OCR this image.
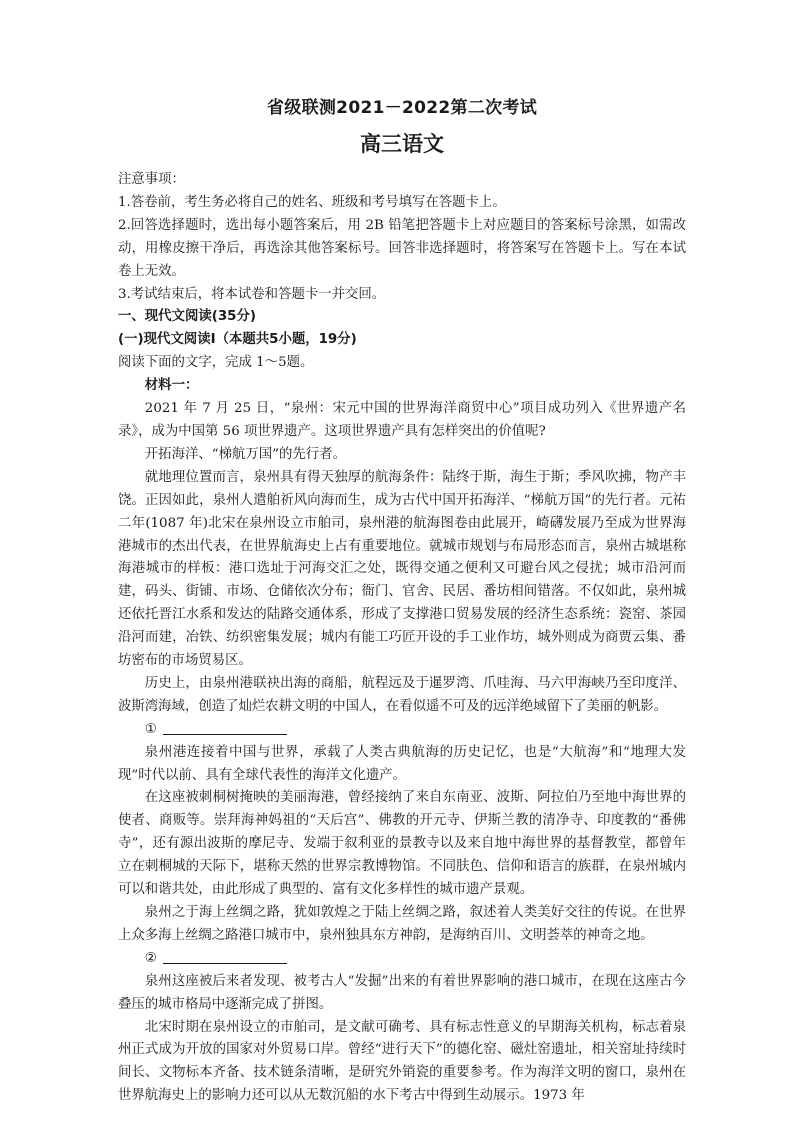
省级联测2021－2022第二次考试
高三语文

注意事项：

1.答卷前，考生务必将自己的姓名、班级和考号填写在答题卡上。

2.回答选择题时，选出每小题答案后，用 2B 铅笔把答题卡上对应题目的答案标号涂黑，如需改动，用橡皮擦干净后，再选涂其他答案标号。回答非选择题时，将答案写在答题卡上。写在本试卷上无效。

3.考试结束后，将本试卷和答题卡一并交回。

一、现代文阅读(35分)

(一)现代文阅读Ⅰ（本题共5小题，19分)

阅读下面的文字，完成 1～5题。

材料一：

2021 年 7 月 25 日，“泉州：宋元中国的世界海洋商贸中心”项目成功列入《世界遗产名录》，成为中国第 56 项世界遗产。这项世界遗产具有怎样突出的价值呢?

开拓海洋、“梯航万国”的先行者。

就地理位置而言，泉州具有得天独厚的航海条件：陆终于斯，海生于斯；季风吹拂，物产丰饶。正因如此，泉州人遣舶祈风向海而生，成为古代中国开拓海洋、“梯航万国”的先行者。元祐二年(1087 年)北宋在泉州设立市舶司，泉州港的航海图卷由此展开，崎礴发展乃至成为世界海港城市的杰出代表，在世界航海史上占有重要地位。就城市规划与布局形态而言，泉州古城堪称海港城市的样板：港口选址于河海交汇之处，既得交通之便利又可避台风之侵扰；城市沿河而建，码头、街铺、市场、仓储依次分布；衙门、官舍、民居、番坊相间错落。不仅如此，泉州城还依托晋江水系和发达的陆路交通体系，形成了支撑港口贸易发展的经济生态系统：瓷窑、茶园沿河而建，冶铁、纺织密集发展；城内有能工巧匠开设的手工业作坊，城外则成为商贾云集、番坊密布的市场贸易区。

历史上，由泉州港联袂出海的商船，航程远及于暹罗湾、爪哇海、马六甲海峡乃至印度洋、波斯湾海域，创造了灿烂农耕文明的中国人，在看似遥不可及的远洋绝域留下了美丽的帆影。

①

泉州港连接着中国与世界，承载了人类古典航海的历史记忆，也是“大航海”和“地理大发现”时代以前、具有全球代表性的海洋文化遗产。

在这座被刺桐树掩映的美丽海港，曾经接纳了来自东南亚、波斯、阿拉伯乃至地中海世界的使者、商贩等。崇拜海神妈祖的“天后宫”、佛教的开元寺、伊斯兰教的清净寺、印度教的“番佛寺”，还有源出波斯的摩尼寺、发端于叙利亚的景教寺以及来自地中海世界的基督教堂，都曾年立在刺桐城的天际下，堪称天然的世界宗教博物馆。不同肤色、信仰和语言的族群，在泉州城内可以和谐共处，由此形成了典型的、富有文化多样性的城市遗产景观。

泉州之于海上丝绸之路，犹如敦煌之于陆上丝绸之路，叙述着人类美好交往的传说。在世界上众多海上丝绸之路港口城市中，泉州独具东方神韵，是海纳百川、文明荟萃的神奇之地。

②

泉州这座被后来者发现、被考古人“发掘”出来的有着世界影响的港口城市，在现在这座古今叠压的城市格局中逐渐完成了拼图。

北宋时期在泉州设立的市舶司，是文献可确考、具有标志性意义的早期海关机构，标志着泉州正式成为开放的国家对外贸易口岸。曾经“进行天下”的德化窑、磁灶窑遗址，相关窑址持续时间长、文物标本齐备、技术链条清晰，是研究外销瓷的重要参考。作为海洋文明的窗口，泉州在世界航海史上的影响力还可以从无数沉船的水下考古中得到生动展示。1973 年
